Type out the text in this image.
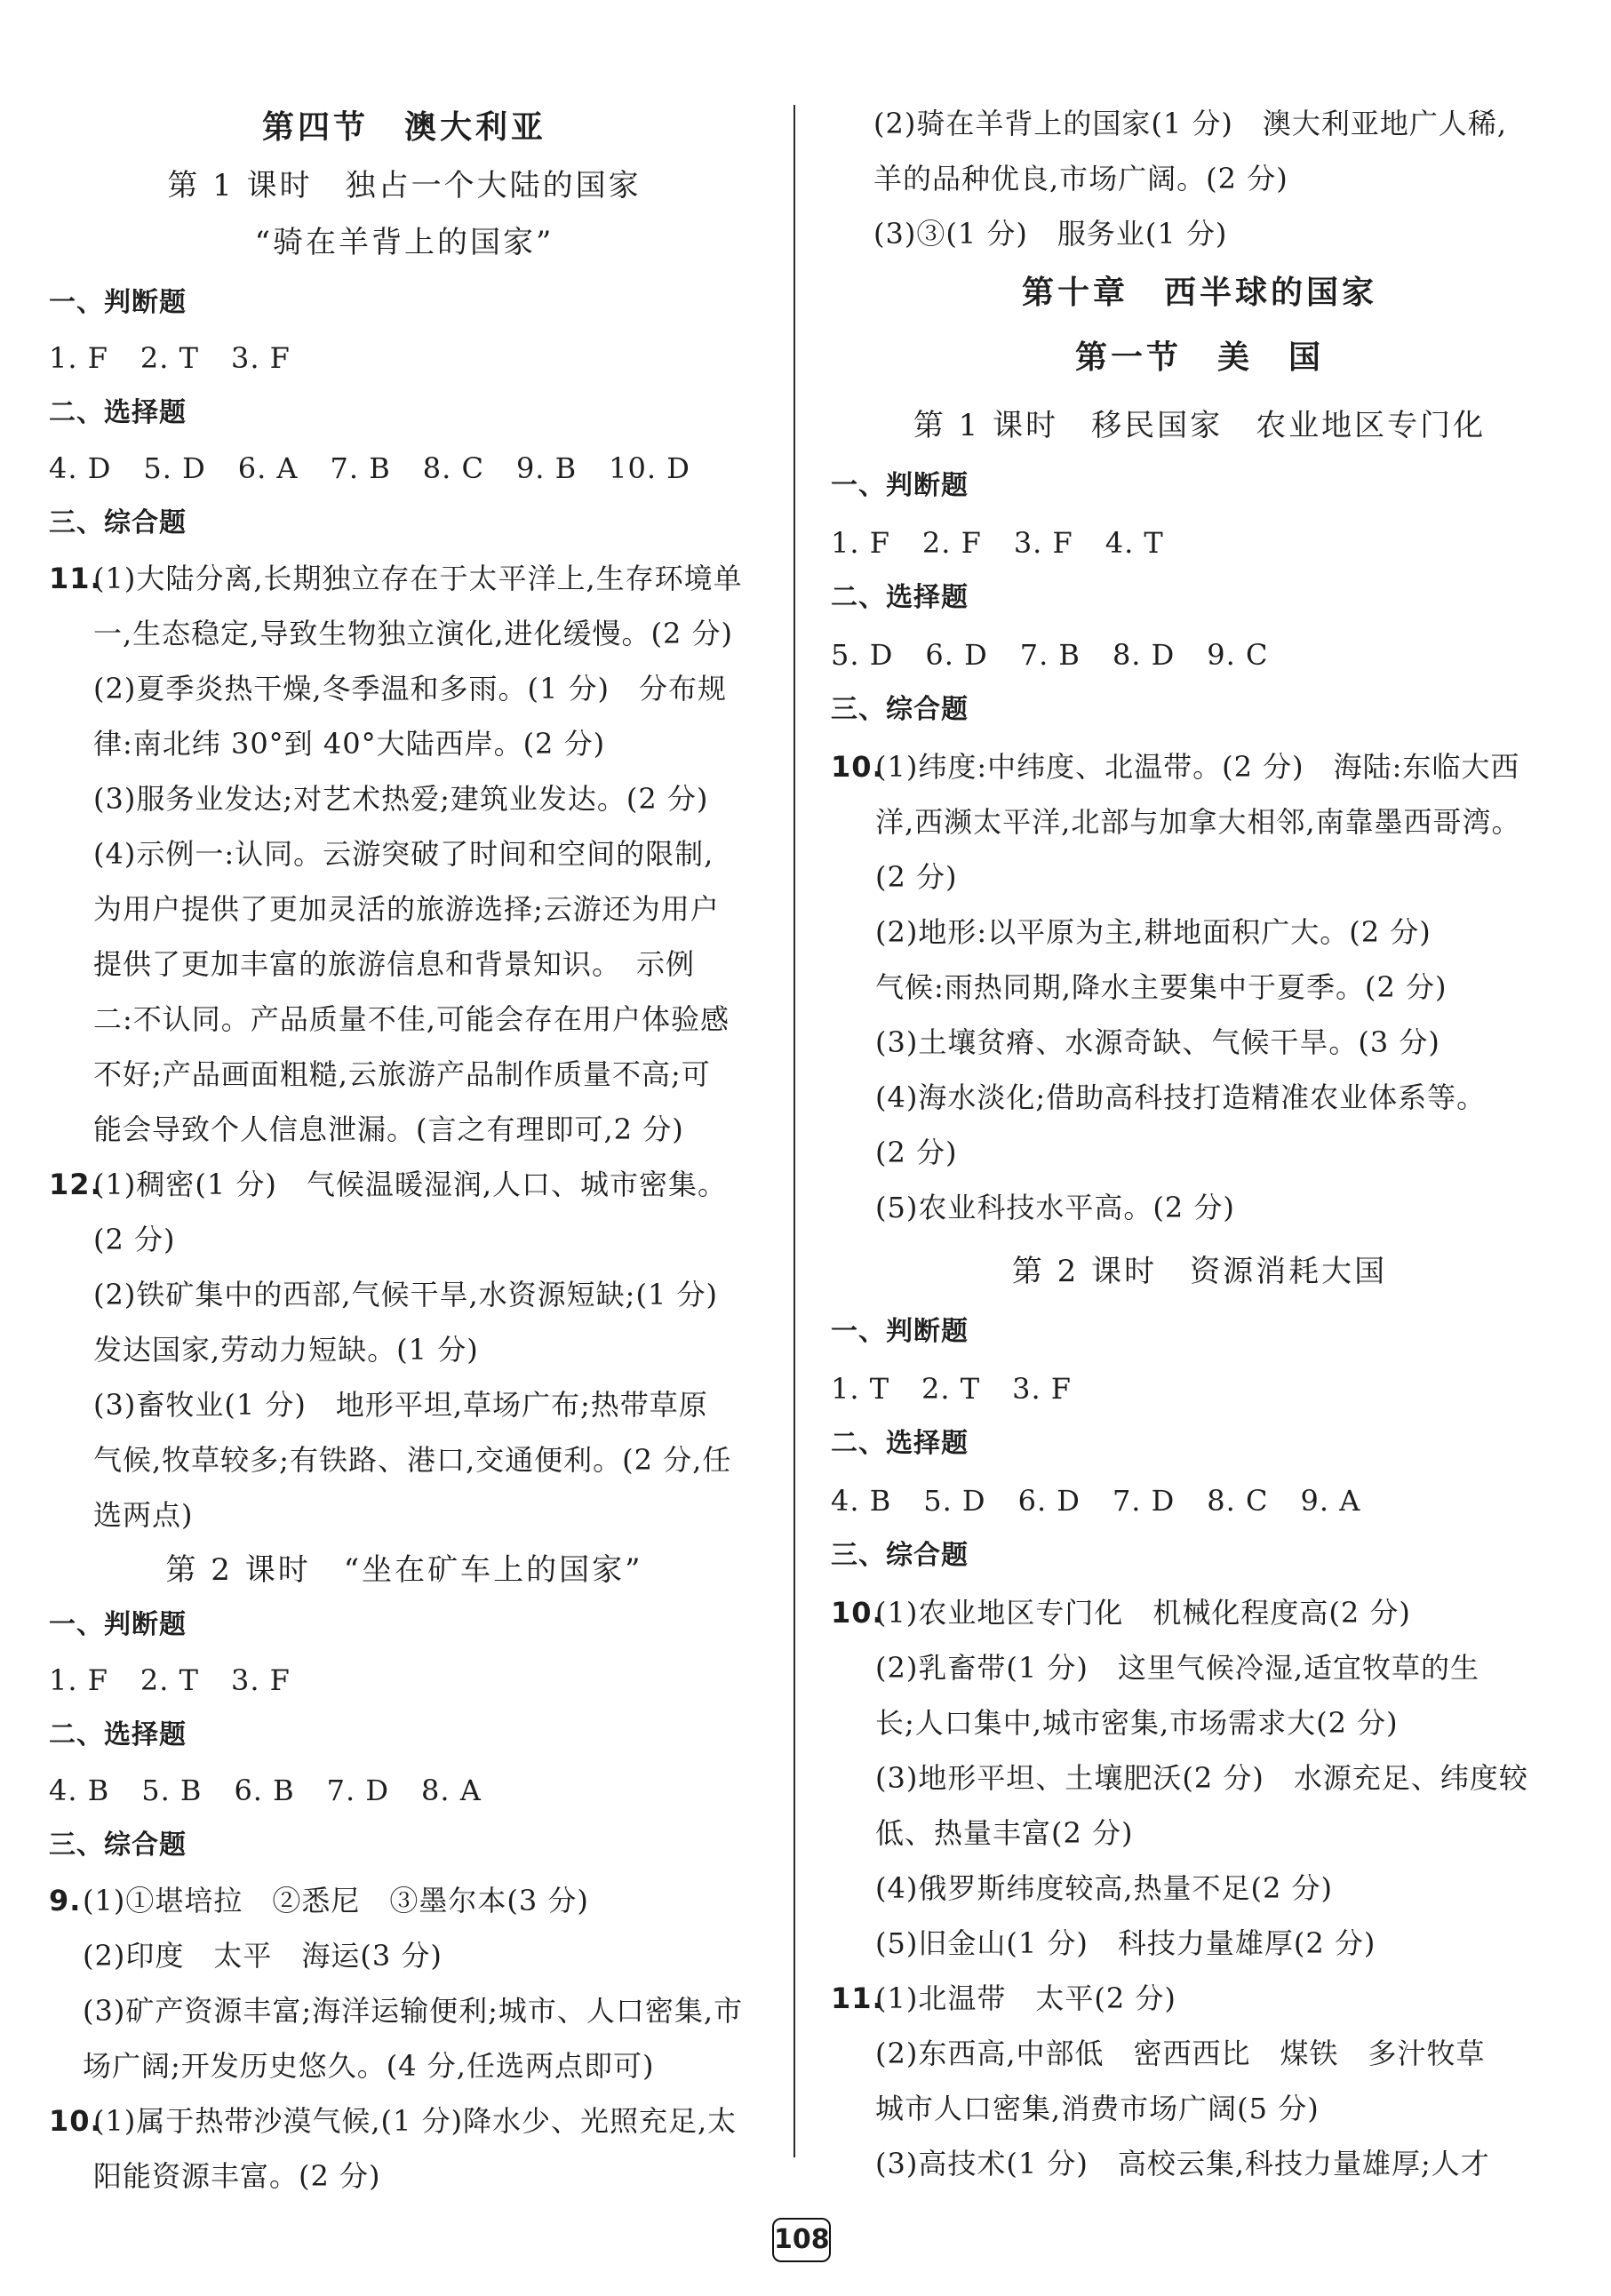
第四节　澳大利亚
第 1 课时　独占一个大陆的国家
“骑在羊背上的国家”
一、判断题
1. F 2. T 3. F
二、选择题
4. D 5. D 6. A 7. B 8. C 9. B 10. D
三、综合题
11.
(1)大陆分离,长期独立存在于太平洋上,生存环境单
一,生态稳定,导致生物独立演化,进化缓慢。(2 分)
(2)夏季炎热干燥,冬季温和多雨。(1 分)　分布规
律:南北纬 30°到 40°大陆西岸。(2 分)
(3)服务业发达;对艺术热爱;建筑业发达。(2 分)
(4)示例一:认同。云游突破了时间和空间的限制,
为用户提供了更加灵活的旅游选择;云游还为用户
提供了更加丰富的旅游信息和背景知识。　示例
二:不认同。产品质量不佳,可能会存在用户体验感
不好;产品画面粗糙,云旅游产品制作质量不高;可
能会导致个人信息泄漏。(言之有理即可,2 分)
12.
(1)稠密(1 分)　气候温暖湿润,人口、城市密集。
(2 分)
(2)铁矿集中的西部,气候干旱,水资源短缺;(1 分)
发达国家,劳动力短缺。(1 分)
(3)畜牧业(1 分)　地形平坦,草场广布;热带草原
气候,牧草较多;有铁路、港口,交通便利。(2 分,任
选两点)
第 2 课时　“坐在矿车上的国家”
一、判断题
1. F 2. T 3. F
二、选择题
4. B 5. B 6. B 7. D 8. A
三、综合题
9. (1)①堪培拉　②悉尼　③墨尔本(3 分)
(2)印度　太平　海运(3 分)
(3)矿产资源丰富;海洋运输便利;城市、人口密集,市
场广阔;开发历史悠久。(4 分,任选两点即可)
10.
(1)属于热带沙漠气候,(1 分)降水少、光照充足,太
阳能资源丰富。(2 分)
(2)骑在羊背上的国家(1 分)　澳大利亚地广人稀,
羊的品种优良,市场广阔。(2 分)
(3)③(1 分)　服务业(1 分)
第十章　西半球的国家
第一节　美　国
第 1 课时　移民国家　农业地区专门化
一、判断题
1. F 2. F 3. F 4. T
二、选择题
5. D 6. D 7. B 8. D 9. C
三、综合题
10.
(1)纬度:中纬度、北温带。(2 分)　海陆:东临大西
洋,西濒太平洋,北部与加拿大相邻,南靠墨西哥湾。
(2 分)
(2)地形:以平原为主,耕地面积广大。(2 分)
气候:雨热同期,降水主要集中于夏季。(2 分)
(3)土壤贫瘠、水源奇缺、气候干旱。(3 分)
(4)海水淡化;借助高科技打造精准农业体系等。
(2 分)
(5)农业科技水平高。(2 分)
第 2 课时　资源消耗大国
一、判断题
1. T 2. T 3. F
二、选择题
4. B 5. D 6. D 7. D 8. C 9. A
三、综合题
10.
(1)农业地区专门化　机械化程度高(2 分)
(2)乳畜带(1 分)　这里气候冷湿,适宜牧草的生
长;人口集中,城市密集,市场需求大(2 分)
(3)地形平坦、土壤肥沃(2 分)　水源充足、纬度较
低、热量丰富(2 分)
(4)俄罗斯纬度较高,热量不足(2 分)
(5)旧金山(1 分)　科技力量雄厚(2 分)
11.
(1)北温带　太平(2 分)
(2)东西高,中部低　密西西比　煤铁　多汁牧草
城市人口密集,消费市场广阔(5 分)
(3)高技术(1 分)　高校云集,科技力量雄厚;人才
108
